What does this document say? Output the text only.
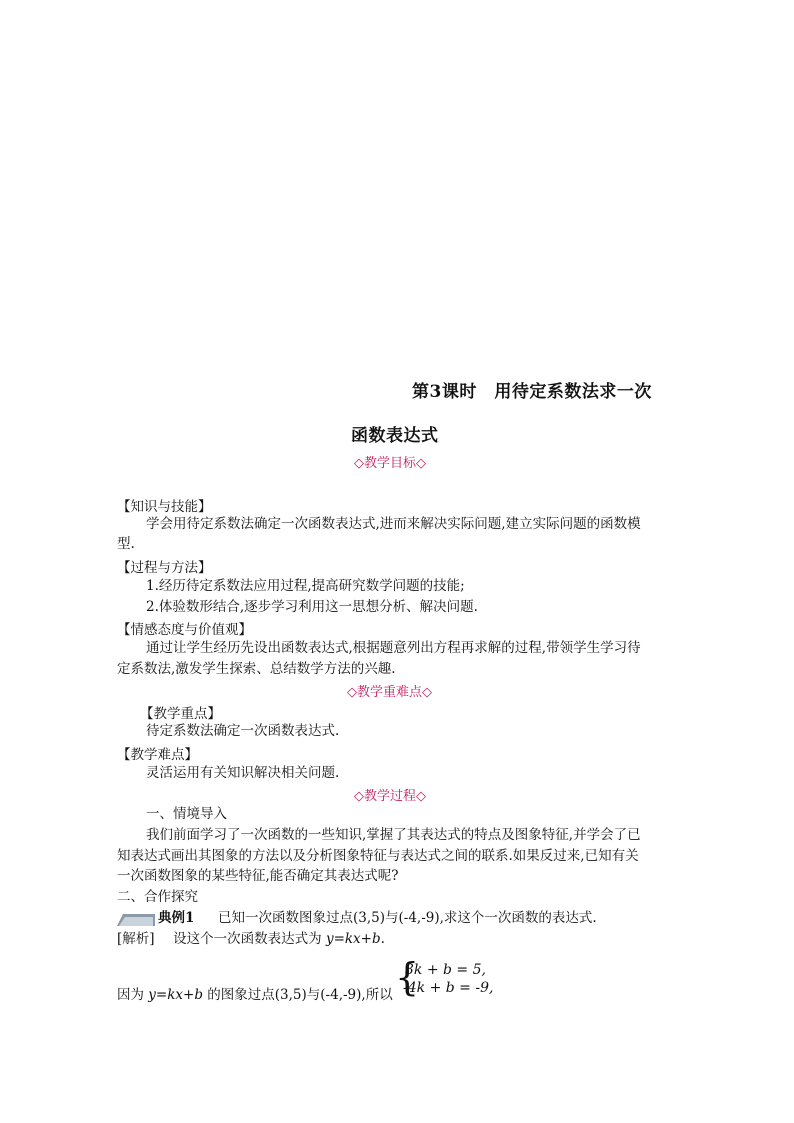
第3课时　用待定系数法求一次
函数表达式
◇教学目标◇
【知识与技能】
学会用待定系数法确定一次函数表达式,进而来解决实际问题,建立实际问题的函数模
型.
【过程与方法】
1.经历待定系数法应用过程,提高研究数学问题的技能;
2.体验数形结合,逐步学习利用这一思想分析、解决问题.
【情感态度与价值观】
通过让学生经历先设出函数表达式,根据题意列出方程再求解的过程,带领学生学习待
定系数法,激发学生探索、总结数学方法的兴趣.
◇教学重难点◇
【教学重点】
待定系数法确定一次函数表达式.
【教学难点】
灵活运用有关知识解决相关问题.
◇教学过程◇
一、情境导入
我们前面学习了一次函数的一些知识,掌握了其表达式的特点及图象特征,并学会了已
知表达式画出其图象的方法以及分析图象特征与表达式之间的联系.如果反过来,已知有关
一次函数图象的某些特征,能否确定其表达式呢?
二、合作探究
典例1 已知一次函数图象过点(3,5)与(-4,-9),求这个一次函数的表达式.
[解析] 设这个一次函数表达式为 y=kx+b.
因为 y=kx+b 的图象过点(3,5)与(-4,-9),所以 {
3k + b = 5,
-4k + b = -9,
